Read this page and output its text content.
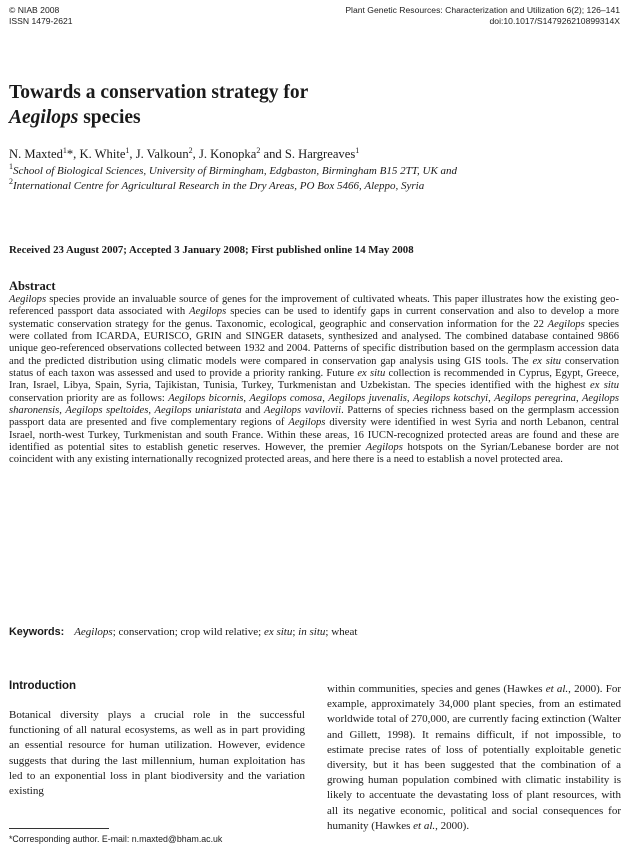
© NIAB 2008
ISSN 1479-2621
Plant Genetic Resources: Characterization and Utilization 6(2); 126–141
doi:10.1017/S147926210899314X
Towards a conservation strategy for
Aegilops species
N. Maxted$^1$*, K. White$^1$, J. Valkoun$^2$, J. Konopka$^2$ and S. Hargreaves$^1$
$^1$School of Biological Sciences, University of Birmingham, Edgbaston, Birmingham B15 2TT, UK and $^2$International Centre for Agricultural Research in the Dry Areas, PO Box 5466, Aleppo, Syria
Received 23 August 2007; Accepted 3 January 2008; First published online 14 May 2008
Abstract
Aegilops species provide an invaluable source of genes for the improvement of cultivated wheats. This paper illustrates how the existing geo-referenced passport data associated with Aegilops species can be used to identify gaps in current conservation and also to develop a more systematic conservation strategy for the genus. Taxonomic, ecological, geographic and conservation information for the 22 Aegilops species were collated from ICARDA, EURISCO, GRIN and SINGER datasets, synthesized and analysed. The combined database contained 9866 unique geo-referenced observations collected between 1932 and 2004. Patterns of specific distribution based on the germplasm accession data and the predicted distribution using climatic models were compared in conservation gap analysis using GIS tools. The ex situ conservation status of each taxon was assessed and used to provide a priority ranking. Future ex situ collection is recommended in Cyprus, Egypt, Greece, Iran, Israel, Libya, Spain, Syria, Tajikistan, Tunisia, Turkey, Turkmenistan and Uzbekistan. The species identified with the highest ex situ conservation priority are as follows: Aegilops bicornis, Aegilops comosa, Aegilops juvenalis, Aegilops kotschyi, Aegilops peregrina, Aegilops sharonensis, Aegilops speltoides, Aegilops uniaristata and Aegilops vavilovii. Patterns of species richness based on the germplasm accession passport data are presented and five complementary regions of Aegilops diversity were identified in west Syria and north Lebanon, central Israel, north-west Turkey, Turkmenistan and south France. Within these areas, 16 IUCN-recognized protected areas are found and these are identified as potential sites to establish genetic reserves. However, the premier Aegilops hotspots on the Syrian/Lebanese border are not coincident with any existing internationally recognized protected areas, and here there is a need to establish a novel protected area.
Keywords: Aegilops; conservation; crop wild relative; ex situ; in situ; wheat
Introduction
Botanical diversity plays a crucial role in the successful functioning of all natural ecosystems, as well as in part providing an essential resource for human utilization. However, evidence suggests that during the last millennium, human exploitation has led to an exponential loss in plant biodiversity and the variation existing

within communities, species and genes (Hawkes et al., 2000). For example, approximately 34,000 plant species, from an estimated worldwide total of 270,000, are currently facing extinction (Walter and Gillett, 1998). It remains difficult, if not impossible, to estimate precise rates of loss of potentially exploitable genetic diversity, but it has been suggested that the combination of a growing human population combined with climatic instability is likely to accentuate the devastating loss of plant resources, with all its negative economic, political and social consequences for humanity (Hawkes et al., 2000).

*Corresponding author. E-mail: n.maxted@bham.ac.uk
